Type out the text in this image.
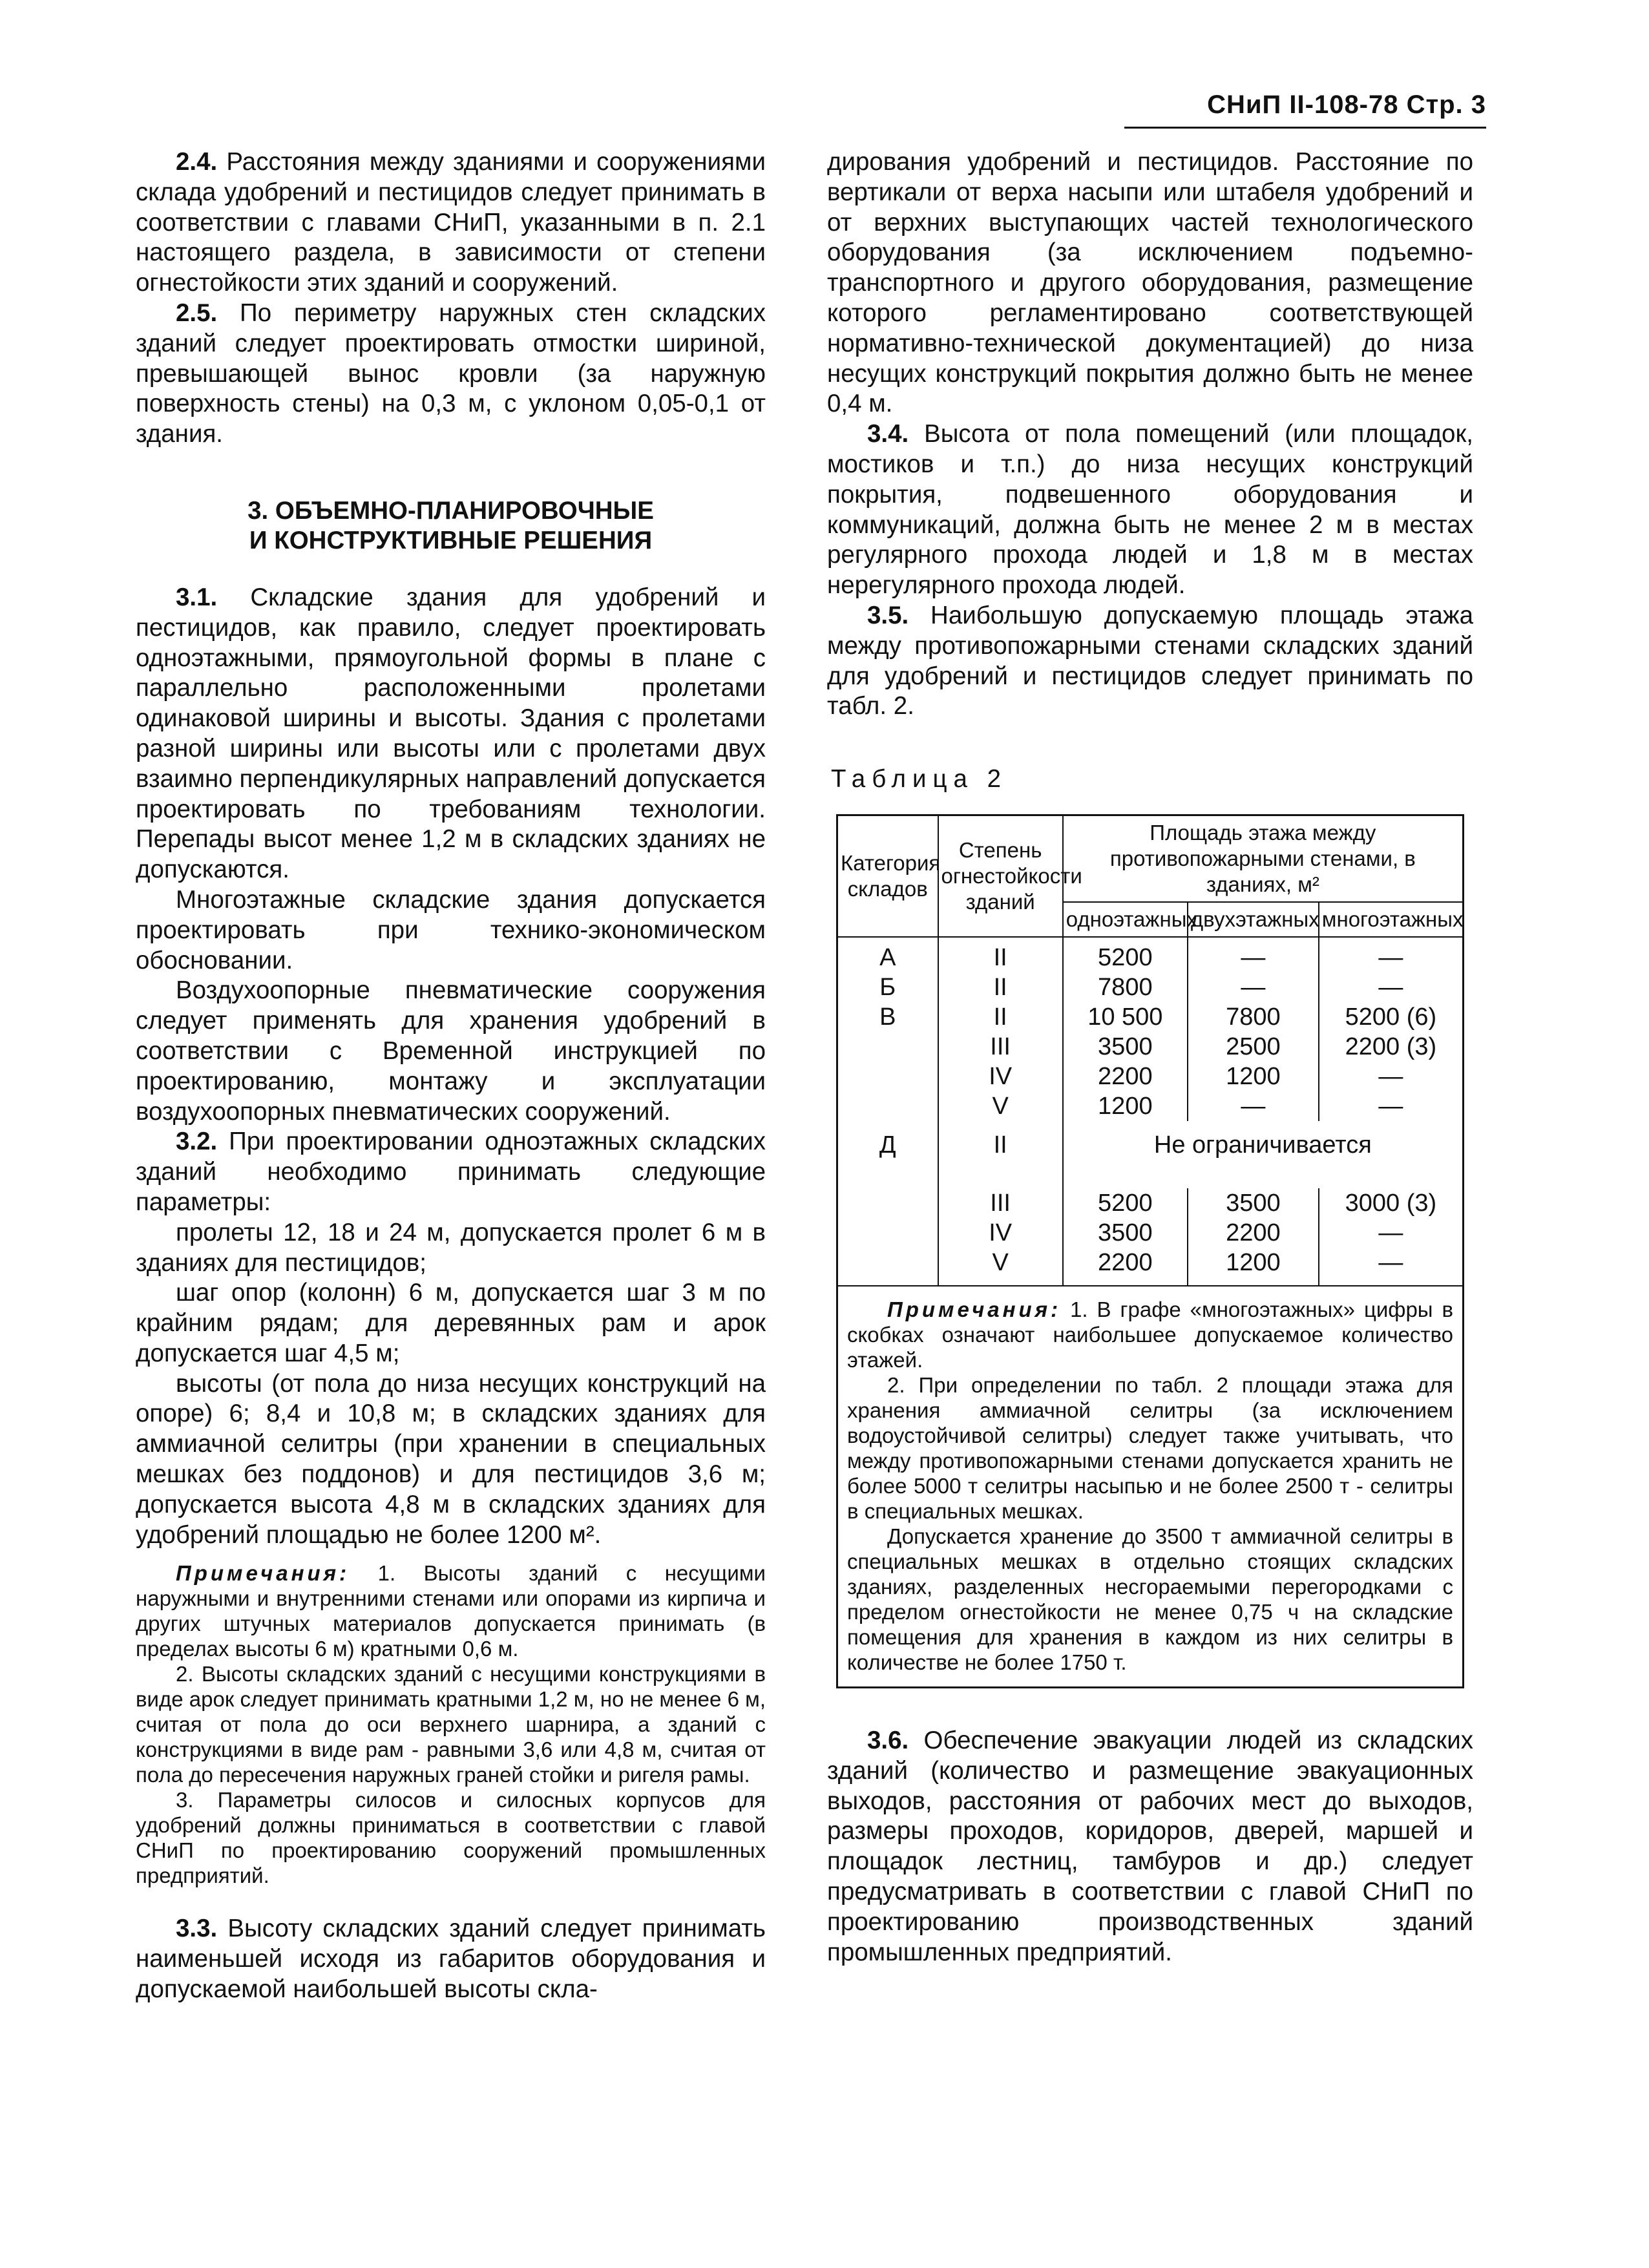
СНиП II-108-78 Стр. 3

2.4. Расстояния между зданиями и сооружениями склада удобрений и пестицидов следует принимать в соответствии с главами СНиП, указанными в п. 2.1 настоящего раздела, в зависимости от степени огнестойкости этих зданий и сооружений.

2.5. По периметру наружных стен складских зданий следует проектировать отмостки шириной, превышающей вынос кровли (за наружную поверхность стены) на 0,3 м, с уклоном 0,05-0,1 от здания.

3. ОБЪЕМНО-ПЛАНИРОВОЧНЫЕ
И КОНСТРУКТИВНЫЕ РЕШЕНИЯ

3.1. Складские здания для удобрений и пестицидов, как правило, следует проектировать одноэтажными, прямоугольной формы в плане с параллельно расположенными пролетами одинаковой ширины и высоты. Здания с пролетами разной ширины или высоты или с пролетами двух взаимно перпендикулярных направлений допускается проектировать по требованиям технологии. Перепады высот менее 1,2 м в складских зданиях не допускаются.

Многоэтажные складские здания допускается проектировать при технико-экономическом обосновании.

Воздухоопорные пневматические сооружения следует применять для хранения удобрений в соответствии с Временной инструкцией по проектированию, монтажу и эксплуатации воздухоопорных пневматических сооружений.

3.2. При проектировании одноэтажных складских зданий необходимо принимать следующие параметры:

пролеты 12, 18 и 24 м, допускается пролет 6 м в зданиях для пестицидов;

шаг опор (колонн) 6 м, допускается шаг 3 м по крайним рядам; для деревянных рам и арок допускается шаг 4,5 м;

высоты (от пола до низа несущих конструкций на опоре) 6; 8,4 и 10,8 м; в складских зданиях для аммиачной селитры (при хранении в специальных мешках без поддонов) и для пестицидов 3,6 м; допускается высота 4,8 м в складских зданиях для удобрений площадью не более 1200 м².

Примечания: 1. Высоты зданий с несущими наружными и внутренними стенами или опорами из кирпича и других штучных материалов допускается принимать (в пределах высоты 6 м) кратными 0,6 м.

2. Высоты складских зданий с несущими конструкциями в виде арок следует принимать кратными 1,2 м, но не менее 6 м, считая от пола до оси верхнего шарнира, а зданий с конструкциями в виде рам - равными 3,6 или 4,8 м, считая от пола до пересечения наружных граней стойки и ригеля рамы.

3. Параметры силосов и силосных корпусов для удобрений должны приниматься в соответствии с главой СНиП по проектированию сооружений промышленных предприятий.

3.3. Высоту складских зданий следует принимать наименьшей исходя из габаритов оборудования и допускаемой наибольшей высоты скла-

дирования удобрений и пестицидов. Расстояние по вертикали от верха насыпи или штабеля удобрений и от верхних выступающих частей технологического оборудования (за исключением подъемно-транспортного и другого оборудования, размещение которого регламентировано соответствующей нормативно-технической документацией) до низа несущих конструкций покрытия должно быть не менее 0,4 м.

3.4. Высота от пола помещений (или площадок, мостиков и т.п.) до низа несущих конструкций покрытия, подвешенного оборудования и коммуникаций, должна быть не менее 2 м в местах регулярного прохода людей и 1,8 м в местах нерегулярного прохода людей.

3.5. Наибольшую допускаемую площадь этажа между противопожарными стенами складских зданий для удобрений и пестицидов следует принимать по табл. 2.

Таблица 2
Категория складов	Степень огнестойкости зданий	Площадь этажа между противопожарными стенами, в зданиях, м²		
		одноэтажных	двухэтажных	многоэтажных
А	II	5200	—	—
Б	II	7800	—	—
В	II	10 500	7800	5200 (6)
	III	3500	2500	2200 (3)
	IV	2200	1200	—
	V	1200	—	—
Д	II	Не ограничивается		

	III	5200	3500	3000 (3)
	IV	3500	2200	—
	V	2200	1200	—

Примечания: 1. В графе «многоэтажных» цифры в скобках означают наибольшее допускаемое количество этажей.

2. При определении по табл. 2 площади этажа для хранения аммиачной селитры (за исключением водоустойчивой селитры) следует также учитывать, что между противопожарными стенами допускается хранить не более 5000 т селитры насыпью и не более 2500 т - селитры в специальных мешках.

Допускается хранение до 3500 т аммиачной селитры в специальных мешках в отдельно стоящих складских зданиях, разделенных несгораемыми перегородками с пределом огнестойкости не менее 0,75 ч на складские помещения для хранения в каждом из них селитры в количестве не более 1750 т.

3.6. Обеспечение эвакуации людей из складских зданий (количество и размещение эвакуационных выходов, расстояния от рабочих мест до выходов, размеры проходов, коридоров, дверей, маршей и площадок лестниц, тамбуров и др.) следует предусматривать в соответствии с главой СНиП по проектированию производственных зданий промышленных предприятий.
